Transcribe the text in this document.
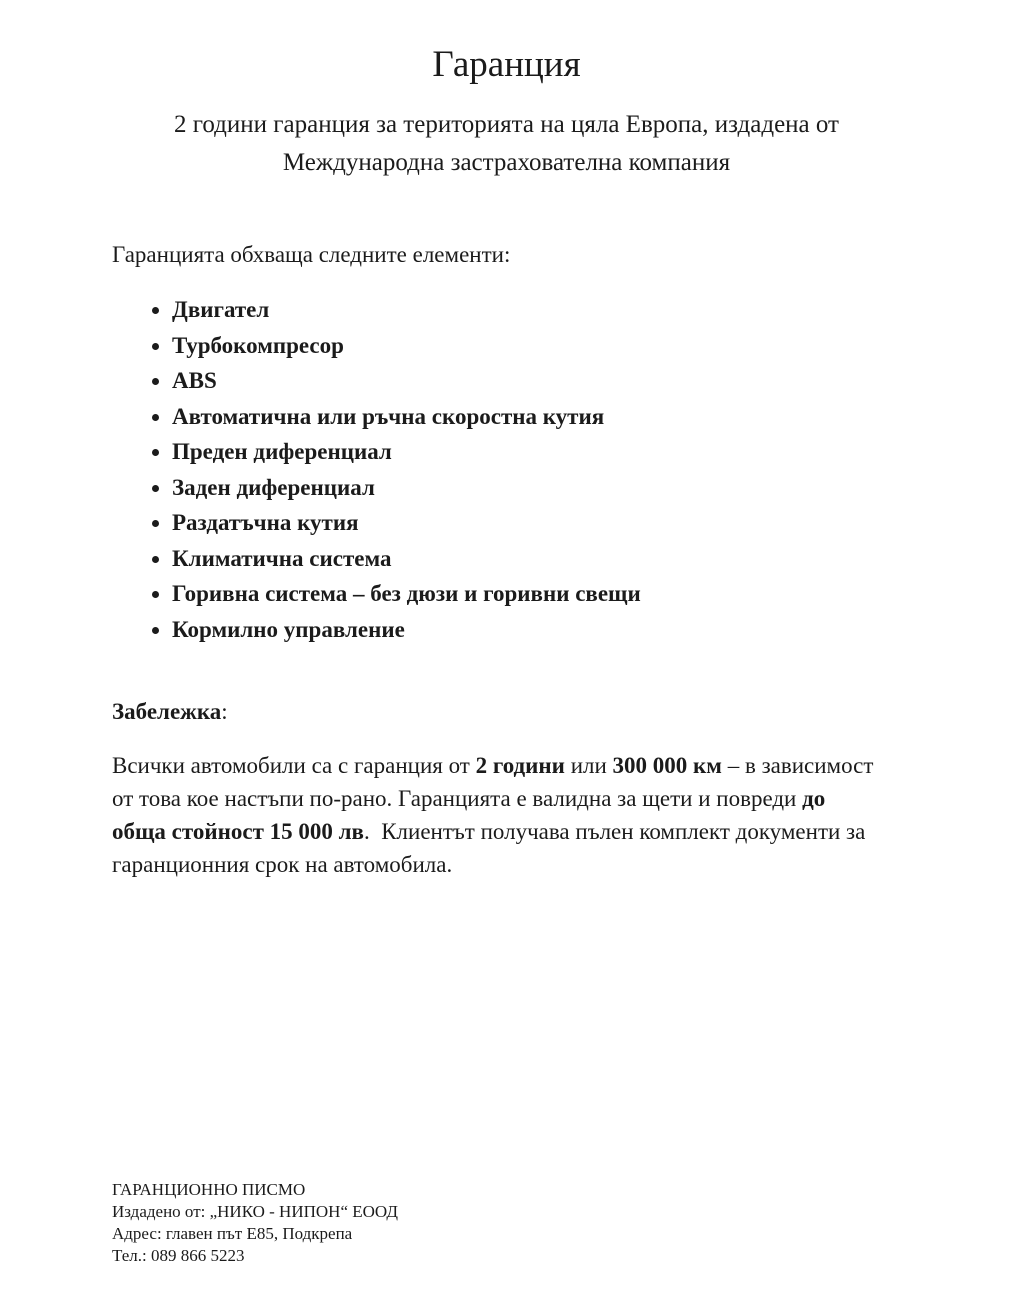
Гаранция

2 години гаранция за територията на цяла Европа, издадена от Международна застрахователна компания

Гаранцията обхваща следните елементи:

• Двигател
• Турбокомпресор
• ABS
• Автоматична или ръчна скоростна кутия
• Преден диференциал
• Заден диференциал
• Раздатъчна кутия
• Климатична система
• Горивна система – без дюзи и горивни свещи
• Кормилно управление

Забележка:

Всички автомобили са с гаранция от 2 години или 300 000 км – в зависимост от това кое настъпи по-рано. Гаранцията е валидна за щети и повреди до обща стойност 15 000 лв.  Клиентът получава пълен комплект документи за гаранционния срок на автомобила.

ГАРАНЦИОННО ПИСМО
Издадено от: „НИКО - НИПОН“ ЕООД
Адрес: главен път Е85, Подкрепа
Тел.: 089 866 5223
